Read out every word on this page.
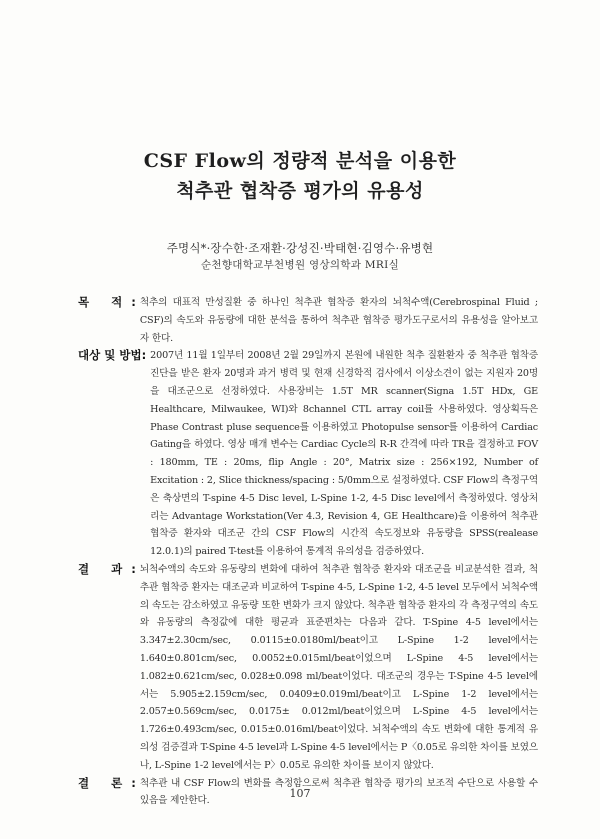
CSF Flow의 정량적 분석을 이용한
척추관 협착증 평가의 유용성
주명식*·장수한·조재환·강성진·박태현·김영수·유병현
순천향대학교부천병원 영상의학과 MRI실
목 적: 척추의 대표적 만성질환 중 하나인 척추관 협착증 환자의 뇌척수액(Cerebrospinal Fluid ; CSF)의 속도와 유동량에 대한 분석을 통하여 척추관 협착증 평가도구로서의 유용성을 알아보고자 한다.
대상 및 방법: 2007년 11월 1일부터 2008년 2월 29일까지 본원에 내원한 척추 질환환자 중 척추관 협착증 진단을 받은 환자 20명과 과거 병력 및 현재 신경학적 검사에서 이상소견이 없는 지원자 20명을 대조군으로 선정하였다. 사용장비는 1.5T MR scanner(Signa 1.5T HDx, GE Healthcare, Milwaukee, WI)와 8channel CTL array coil를 사용하였다. 영상획득은 Phase Contrast pluse sequence를 이용하였고 Photopulse sensor를 이용하여 Cardiac Gating을 하였다. 영상 매개 변수는 Cardiac Cycle의 R-R 간격에 따라 TR을 결정하고 FOV : 180mm, TE : 20ms, flip Angle : 20°, Matrix size : 256×192, Number of Excitation : 2, Slice thickness/spacing : 5/0mm으로 설정하였다. CSF Flow의 측정구역은 축상면의 T-spine 4-5 Disc level, L-Spine 1-2, 4-5 Disc level에서 측정하였다. 영상처리는 Advantage Workstation(Ver 4.3, Revision 4, GE Healthcare)을 이용하여 척추관 협착증 환자와 대조군 간의 CSF Flow의 시간적 속도정보와 유동량을 SPSS(realease 12.0.1)의 paired T-test를 이용하여 통계적 유의성을 검증하였다.
결 과: 뇌척수액의 속도와 유동량의 변화에 대하여 척추관 협착증 환자와 대조군을 비교분석한 결과, 척추관 협착증 환자는 대조군과 비교하여 T-spine 4-5, L-Spine 1-2, 4-5 level 모두에서 뇌척수액의 속도는 감소하였고 유동량 또한 변화가 크지 않았다. 척추관 협착증 환자의 각 측정구역의 속도와 유동량의 측정값에 대한 평균과 표준편차는 다음과 같다. T-Spine 4-5 level에서는 3.347±2.30cm/sec, 0.0115±0.0180ml/beat이고 L-Spine 1-2 level에서는 1.640±0.801cm/sec, 0.0052±0.015ml/beat이었으며 L-Spine 4-5 level에서는 1.082±0.621cm/sec, 0.028±0.098 ml/beat이었다. 대조군의 경우는 T-Spine 4-5 level에서는 5.905±2.159cm/sec, 0.0409±0.019ml/beat이고 L-Spine 1-2 level에서는 2.057±0.569cm/sec, 0.0175± 0.012ml/beat이었으며 L-Spine 4-5 level에서는 1.726±0.493cm/sec, 0.015±0.016ml/beat이었다. 뇌척수액의 속도 변화에 대한 통계적 유의성 검증결과 T-Spine 4-5 level과 L-Spine 4-5 level에서는 P〈0.05로 유의한 차이를 보였으나, L-Spine 1-2 level에서는 P〉0.05로 유의한 차이를 보이지 않았다.
결 론: 척추관 내 CSF Flow의 변화를 측정함으로써 척추관 협착증 평가의 보조적 수단으로 사용할 수 있음을 제안한다.
107
